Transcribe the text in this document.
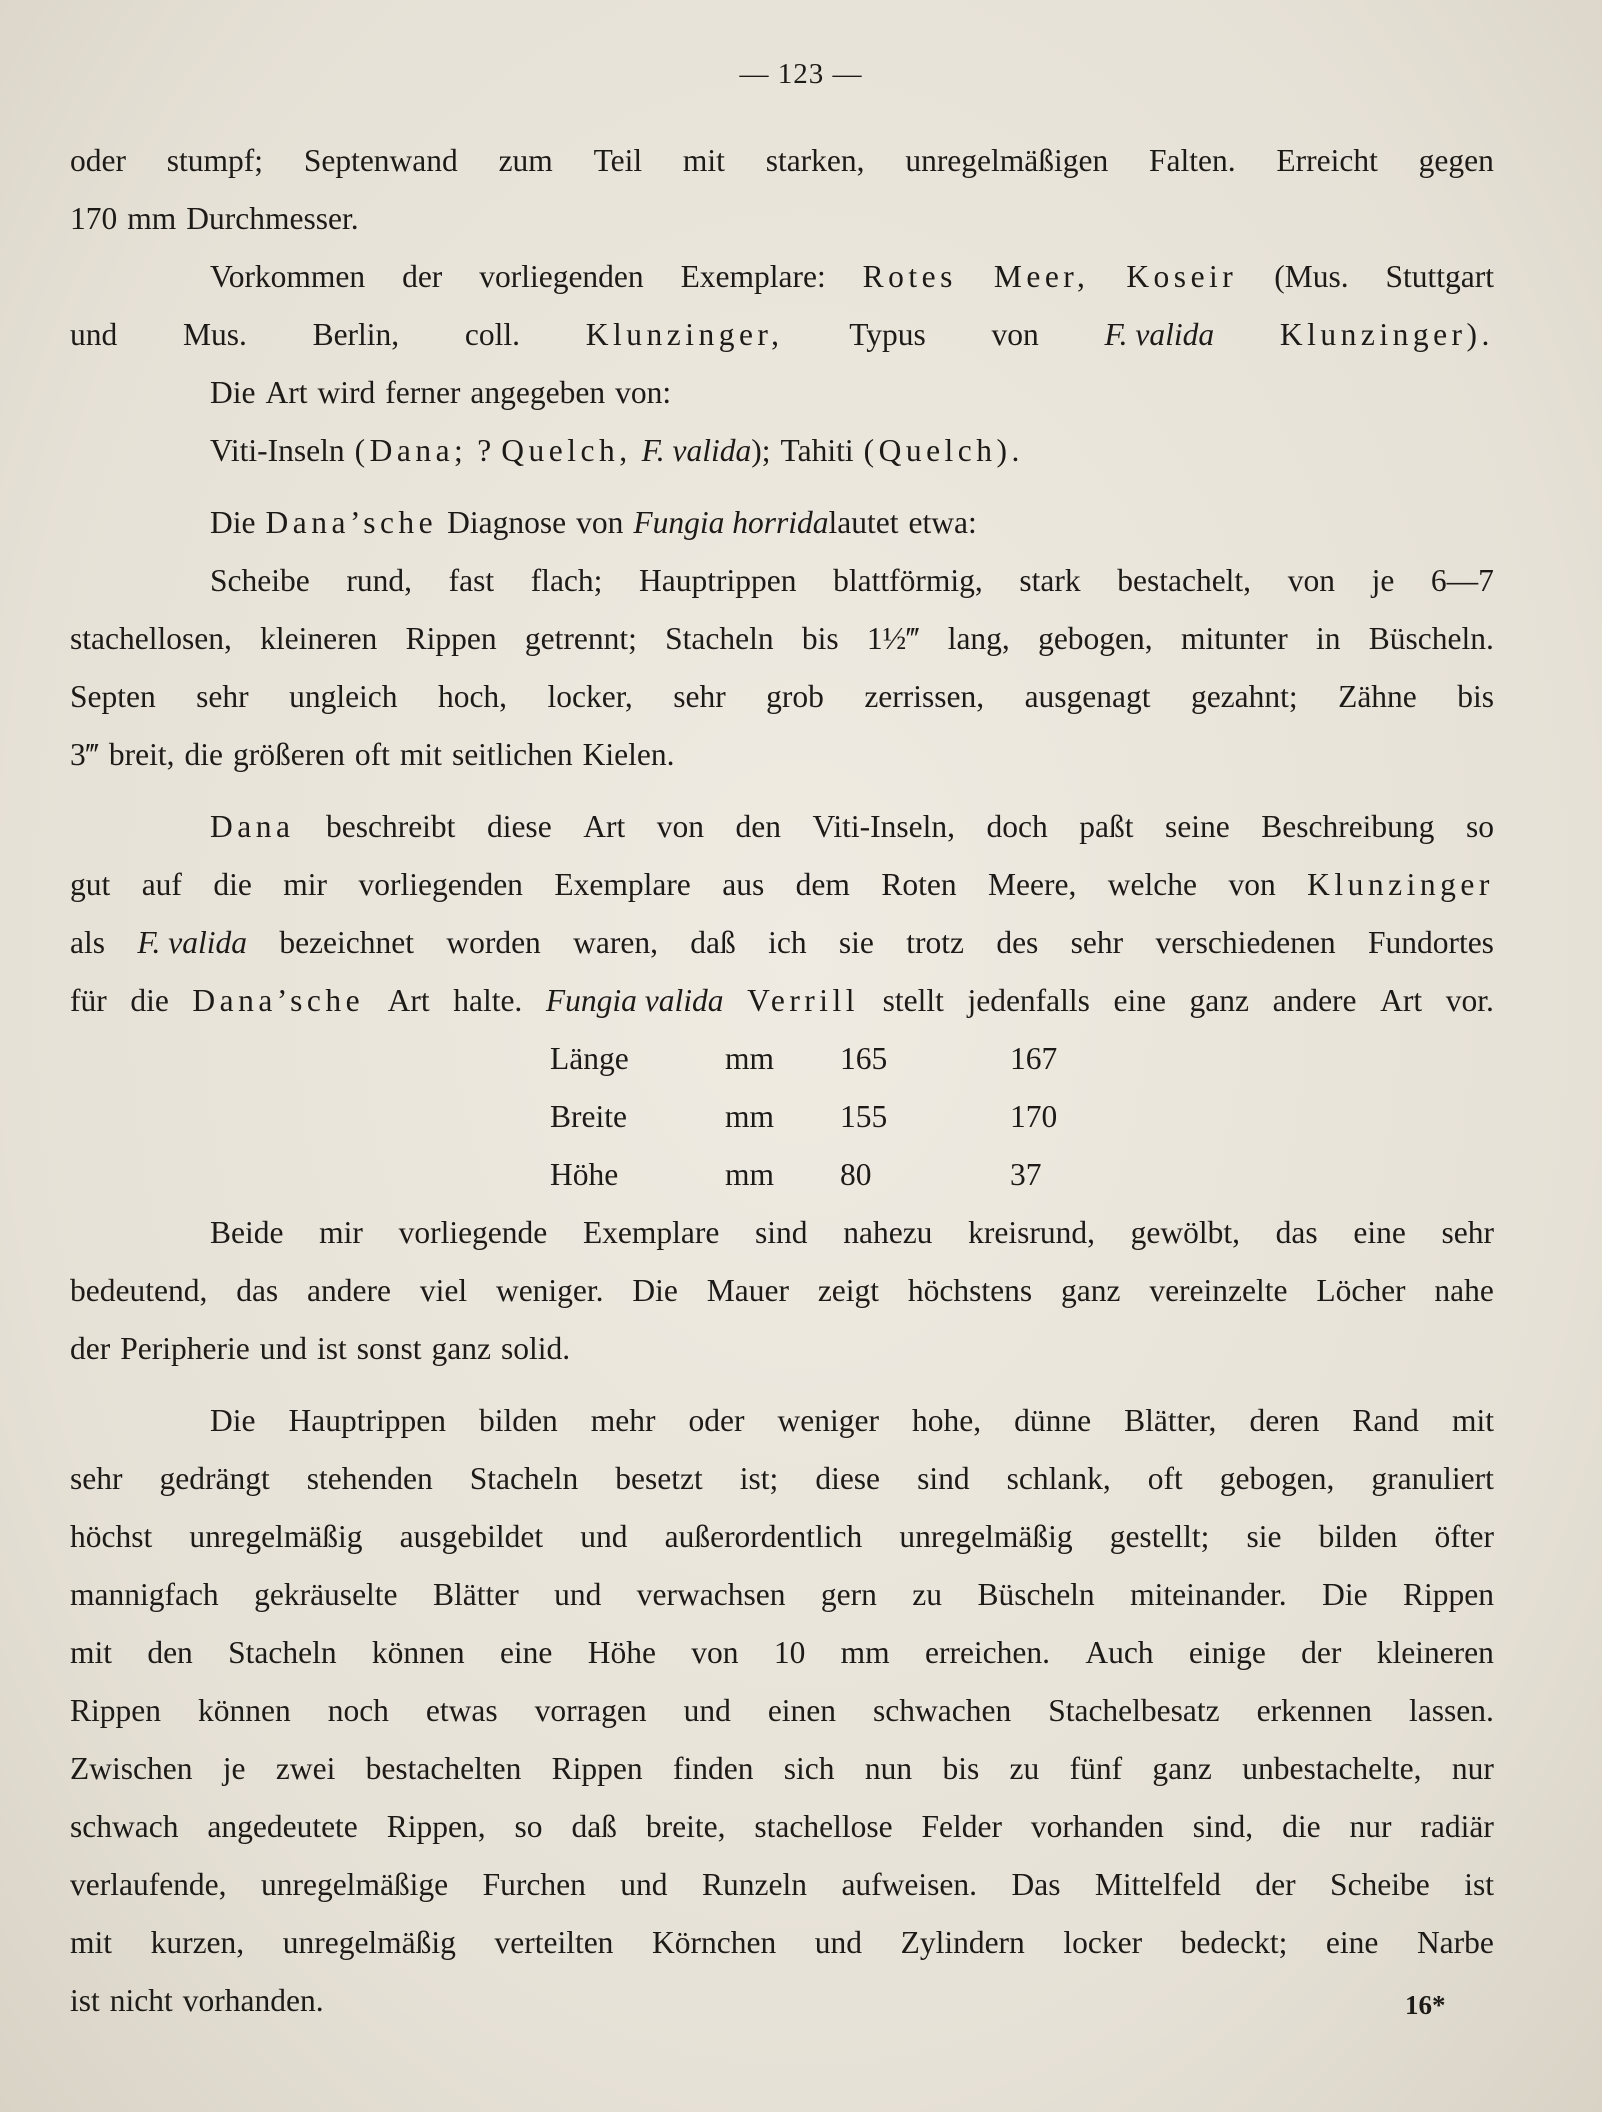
— 123 —
oder stumpf; Septenwand zum Teil mit starken, unregelmäßigen Falten. Erreicht gegen
170 mm Durchmesser.
Vorkommen der vorliegenden Exemplare: Rotes Meer, Koseir (Mus. Stuttgart
und Mus. Berlin, coll. Klunzinger, Typus von F. valida Klunzinger).
Die Art wird ferner angegeben von:
Viti-Inseln (Dana; ? Quelch, F. valida ); Tahiti (Quelch).
Die Dana’sche Diagnose von Fungia horrida lautet etwa:
Scheibe rund, fast flach; Hauptrippen blattförmig, stark bestachelt, von je 6—7
stachellosen, kleineren Rippen getrennt; Stacheln bis 1½‴ lang, gebogen, mitunter in Büscheln.
Septen sehr ungleich hoch, locker, sehr grob zerrissen, ausgenagt gezahnt; Zähne bis
3‴ breit, die größeren oft mit seitlichen Kielen.
Dana beschreibt diese Art von den Viti-Inseln, doch paßt seine Beschreibung so
gut auf die mir vorliegenden Exemplare aus dem Roten Meere, welche von Klunzinger
als F. valida bezeichnet worden waren, daß ich sie trotz des sehr verschiedenen Fundortes
für die Dana’sche Art halte. Fungia valida Verrill stellt jedenfalls eine ganz andere Art vor.
Länge	mm	165	167
Breite	mm	155	170
Höhe	mm	80	37
Beide mir vorliegende Exemplare sind nahezu kreisrund, gewölbt, das eine sehr
bedeutend, das andere viel weniger. Die Mauer zeigt höchstens ganz vereinzelte Löcher nahe
der Peripherie und ist sonst ganz solid.
Die Hauptrippen bilden mehr oder weniger hohe, dünne Blätter, deren Rand mit
sehr gedrängt stehenden Stacheln besetzt ist; diese sind schlank, oft gebogen, granuliert
höchst unregelmäßig ausgebildet und außerordentlich unregelmäßig gestellt; sie bilden öfter
mannigfach gekräuselte Blätter und verwachsen gern zu Büscheln miteinander. Die Rippen
mit den Stacheln können eine Höhe von 10 mm erreichen. Auch einige der kleineren
Rippen können noch etwas vorragen und einen schwachen Stachelbesatz erkennen lassen.
Zwischen je zwei bestachelten Rippen finden sich nun bis zu fünf ganz unbestachelte, nur
schwach angedeutete Rippen, so daß breite, stachellose Felder vorhanden sind, die nur radiär
verlaufende, unregelmäßige Furchen und Runzeln aufweisen. Das Mittelfeld der Scheibe ist
mit kurzen, unregelmäßig verteilten Körnchen und Zylindern locker bedeckt; eine Narbe
ist nicht vorhanden.	16*
